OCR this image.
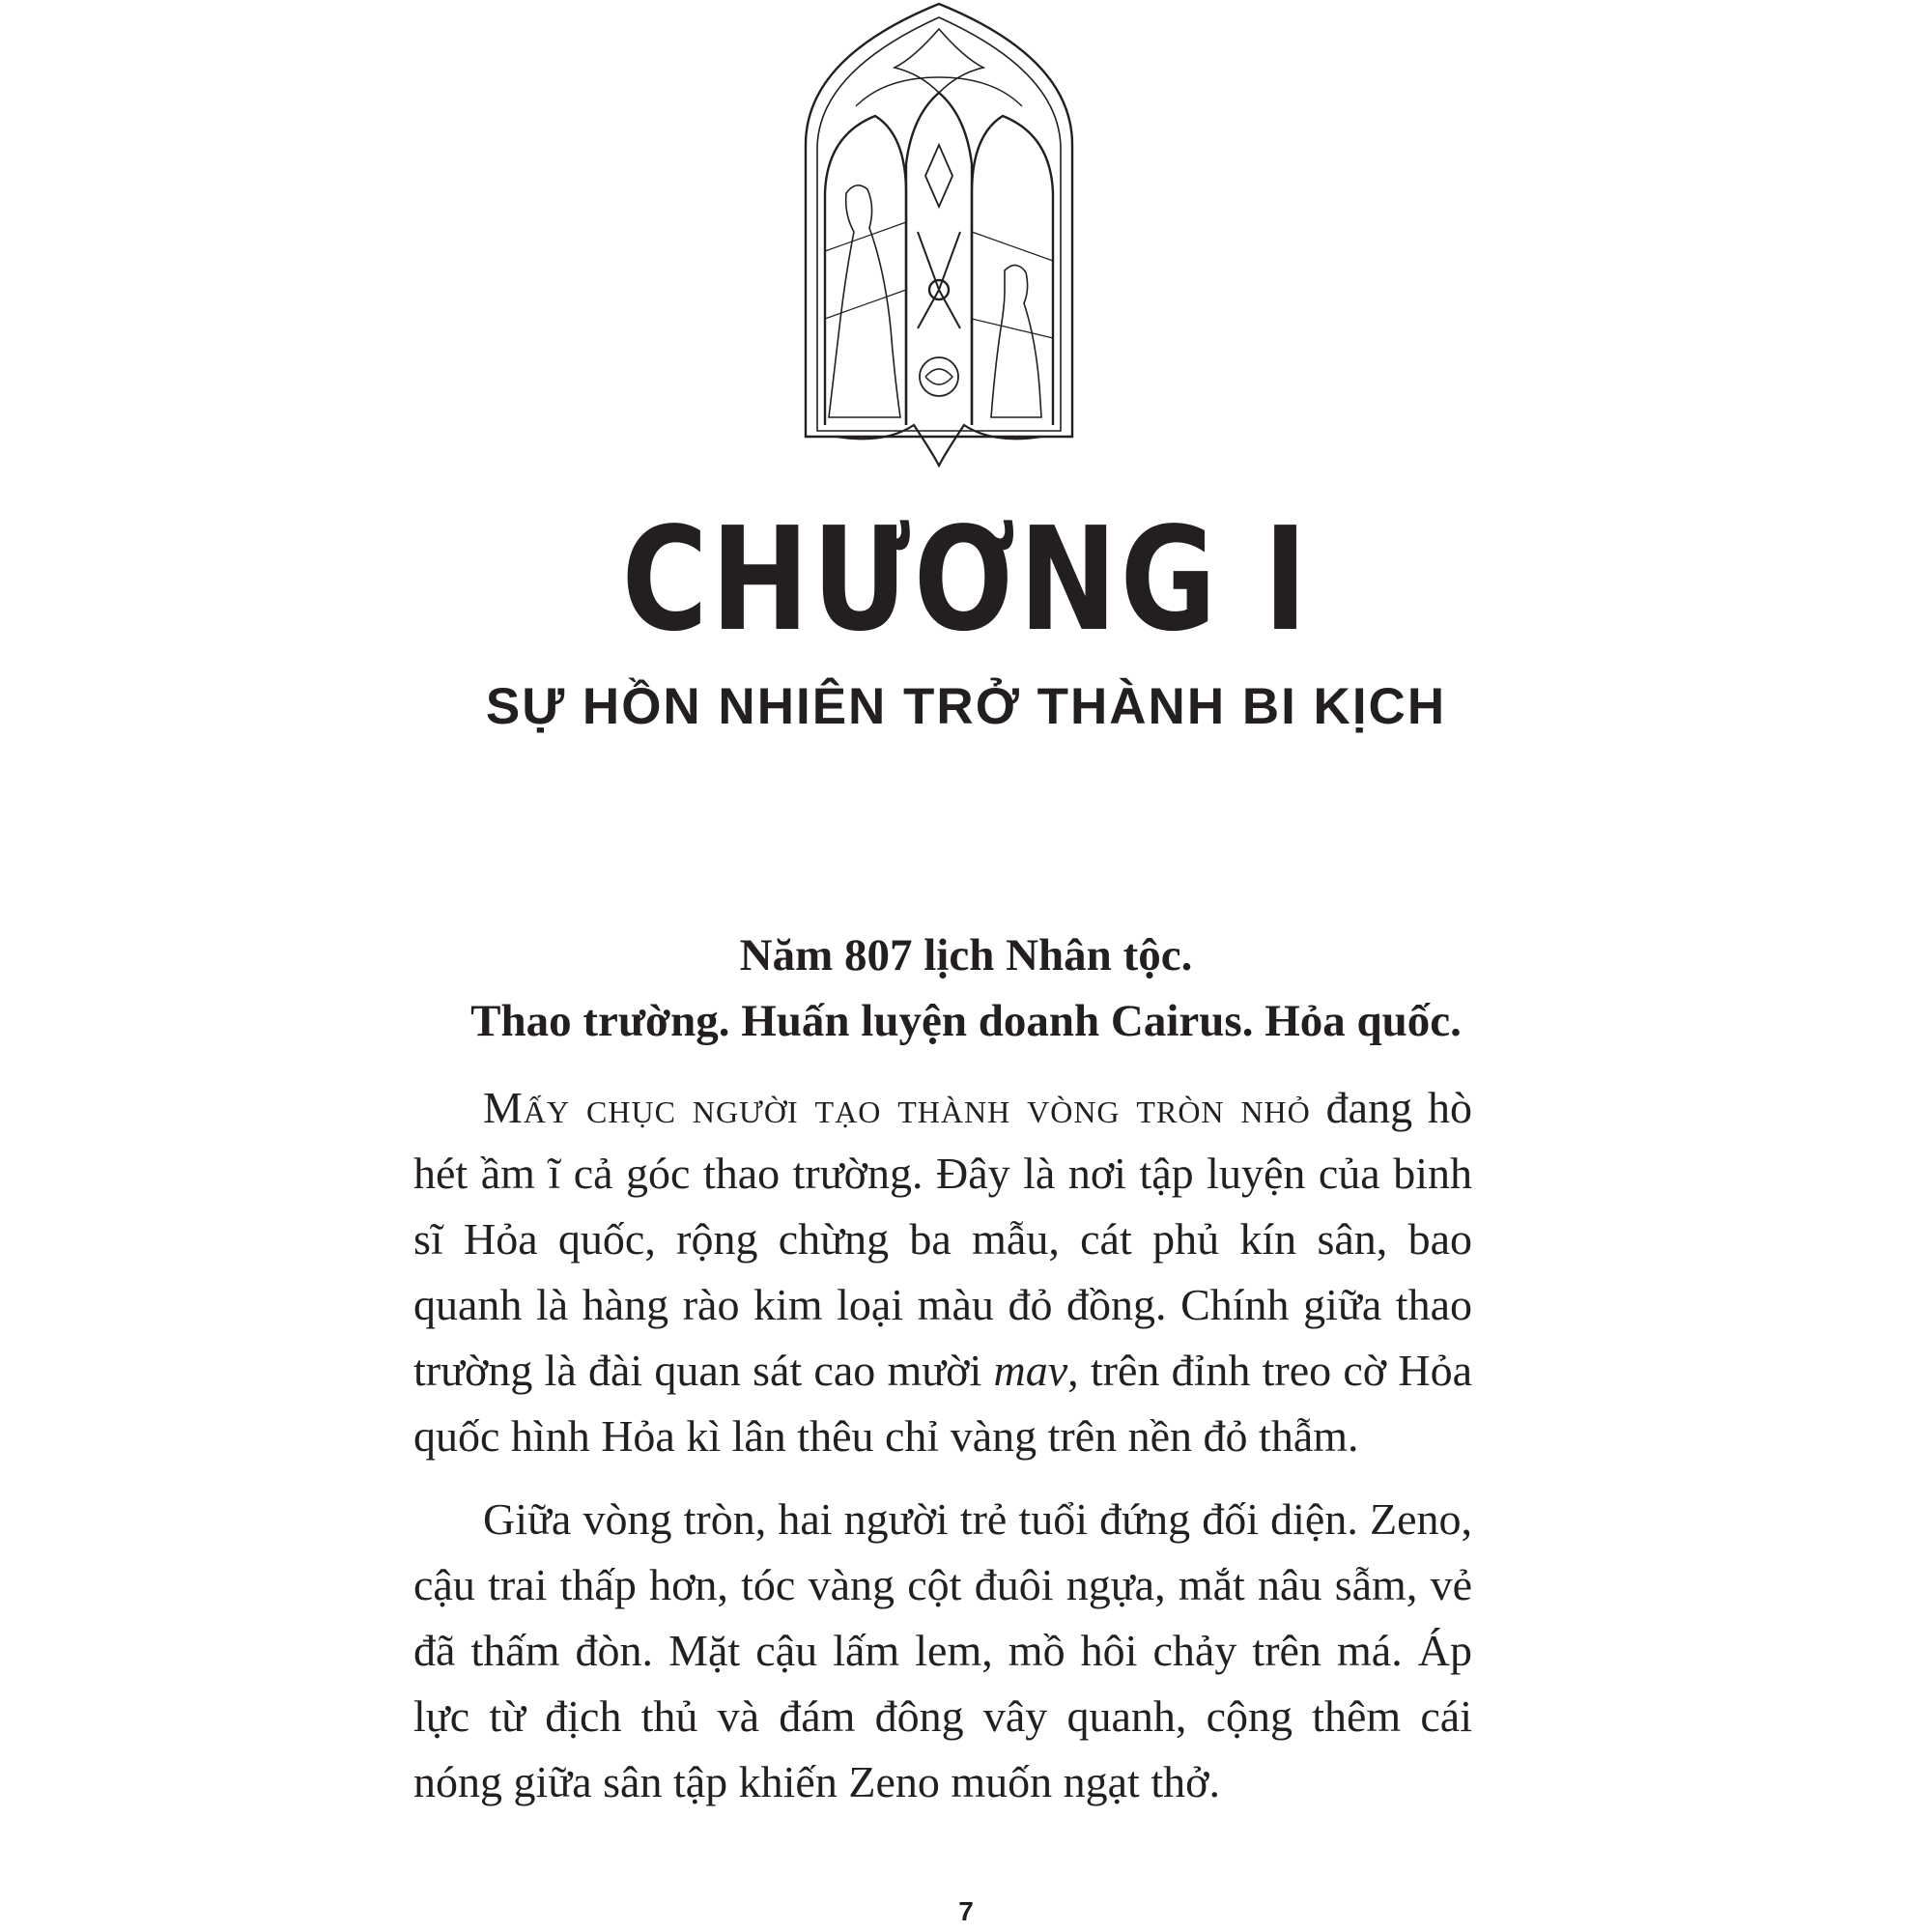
CHƯƠNG I
SỰ HỒN NHIÊN TRỞ THÀNH BI KỊCH
Năm 807 lịch Nhân tộc.
Thao trường. Huấn luyện doanh Cairus. Hỏa quốc.

Mấy chục người tạo thành vòng tròn nhỏ đang hò hét ầm ĩ cả góc thao trường. Đây là nơi tập luyện của binh sĩ Hỏa quốc, rộng chừng ba mẫu, cát phủ kín sân, bao quanh là hàng rào kim loại màu đỏ đồng. Chính giữa thao trường là đài quan sát cao mười mav, trên đỉnh treo cờ Hỏa quốc hình Hỏa kì lân thêu chỉ vàng trên nền đỏ thẫm.

Giữa vòng tròn, hai người trẻ tuổi đứng đối diện. Zeno, cậu trai thấp hơn, tóc vàng cột đuôi ngựa, mắt nâu sẫm, vẻ đã thấm đòn. Mặt cậu lấm lem, mồ hôi chảy trên má. Áp lực từ địch thủ và đám đông vây quanh, cộng thêm cái nóng giữa sân tập khiến Zeno muốn ngạt thở.

7
